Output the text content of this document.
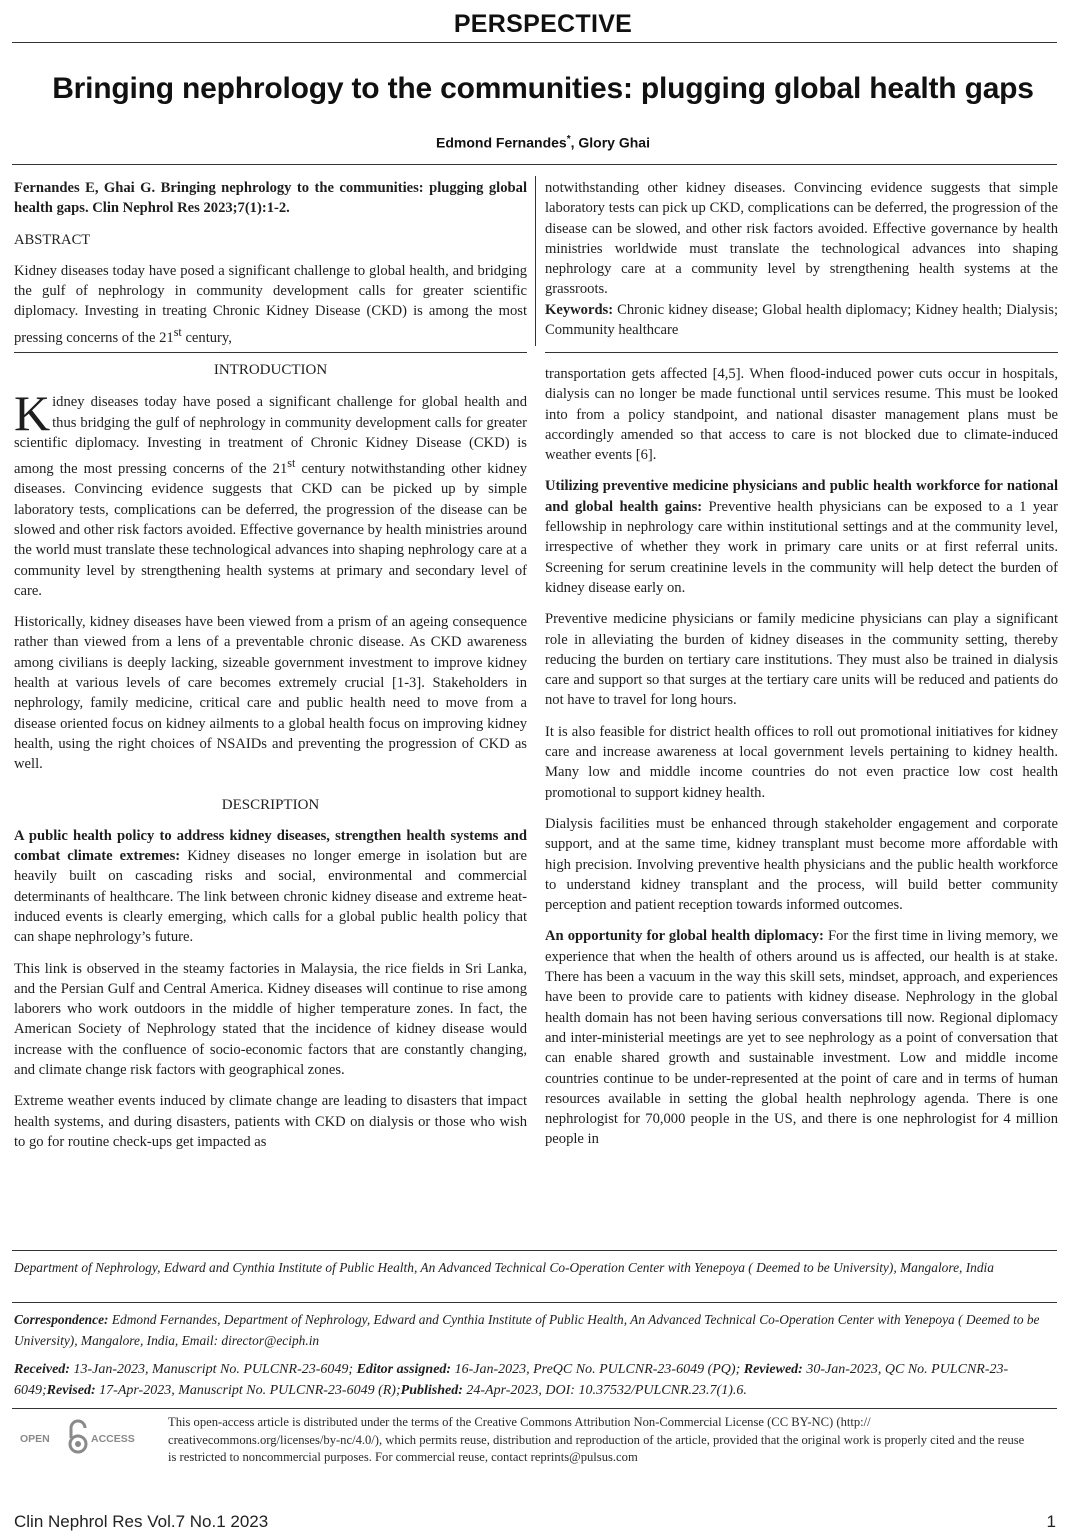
PERSPECTIVE
Bringing nephrology to the communities: plugging global health gaps
Edmond Fernandes*, Glory Ghai

Fernandes E, Ghai G. Bringing nephrology to the communities: plugging global health gaps. Clin Nephrol Res 2023;7(1):1-2.

ABSTRACT

Kidney diseases today have posed a significant challenge to global health, and bridging the gulf of nephrology in community development calls for greater scientific diplomacy. Investing in treating Chronic Kidney Disease (CKD) is among the most pressing concerns of the 21st century,

notwithstanding other kidney diseases. Convincing evidence suggests that simple laboratory tests can pick up CKD, complications can be deferred, the progression of the disease can be slowed, and other risk factors avoided. Effective governance by health ministries worldwide must translate the technological advances into shaping nephrology care at a community level by strengthening health systems at the grassroots.

Keywords: Chronic kidney disease; Global health diplomacy; Kidney health; Dialysis; Community healthcare

INTRODUCTION

Kidney diseases today have posed a significant challenge for global health and thus bridging the gulf of nephrology in community development calls for greater scientific diplomacy. Investing in treatment of Chronic Kidney Disease (CKD) is among the most pressing concerns of the 21st century notwithstanding other kidney diseases. Convincing evidence suggests that CKD can be picked up by simple laboratory tests, complications can be deferred, the progression of the disease can be slowed and other risk factors avoided. Effective governance by health ministries around the world must translate these technological advances into shaping nephrology care at a community level by strengthening health systems at primary and secondary level of care.

Historically, kidney diseases have been viewed from a prism of an ageing consequence rather than viewed from a lens of a preventable chronic disease. As CKD awareness among civilians is deeply lacking, sizeable government investment to improve kidney health at various levels of care becomes extremely crucial [1-3]. Stakeholders in nephrology, family medicine, critical care and public health need to move from a disease oriented focus on kidney ailments to a global health focus on improving kidney health, using the right choices of NSAIDs and preventing the progression of CKD as well.

DESCRIPTION

A public health policy to address kidney diseases, strengthen health systems and combat climate extremes: Kidney diseases no longer emerge in isolation but are heavily built on cascading risks and social, environmental and commercial determinants of healthcare. The link between chronic kidney disease and extreme heat-induced events is clearly emerging, which calls for a global public health policy that can shape nephrology’s future.

This link is observed in the steamy factories in Malaysia, the rice fields in Sri Lanka, and the Persian Gulf and Central America. Kidney diseases will continue to rise among laborers who work outdoors in the middle of higher temperature zones. In fact, the American Society of Nephrology stated that the incidence of kidney disease would increase with the confluence of socio-economic factors that are constantly changing, and climate change risk factors with geographical zones.

Extreme weather events induced by climate change are leading to disasters that impact health systems, and during disasters, patients with CKD on dialysis or those who wish to go for routine check-ups get impacted as

transportation gets affected [4,5]. When flood-induced power cuts occur in hospitals, dialysis can no longer be made functional until services resume. This must be looked into from a policy standpoint, and national disaster management plans must be accordingly amended so that access to care is not blocked due to climate-induced weather events [6].

Utilizing preventive medicine physicians and public health workforce for national and global health gains: Preventive health physicians can be exposed to a 1 year fellowship in nephrology care within institutional settings and at the community level, irrespective of whether they work in primary care units or at first referral units. Screening for serum creatinine levels in the community will help detect the burden of kidney disease early on.

Preventive medicine physicians or family medicine physicians can play a significant role in alleviating the burden of kidney diseases in the community setting, thereby reducing the burden on tertiary care institutions. They must also be trained in dialysis care and support so that surges at the tertiary care units will be reduced and patients do not have to travel for long hours.

It is also feasible for district health offices to roll out promotional initiatives for kidney care and increase awareness at local government levels pertaining to kidney health. Many low and middle income countries do not even practice low cost health promotional to support kidney health.

Dialysis facilities must be enhanced through stakeholder engagement and corporate support, and at the same time, kidney transplant must become more affordable with high precision. Involving preventive health physicians and the public health workforce to understand kidney transplant and the process, will build better community perception and patient reception towards informed outcomes.

An opportunity for global health diplomacy: For the first time in living memory, we experience that when the health of others around us is affected, our health is at stake. There has been a vacuum in the way this skill sets, mindset, approach, and experiences have been to provide care to patients with kidney disease. Nephrology in the global health domain has not been having serious conversations till now. Regional diplomacy and inter-ministerial meetings are yet to see nephrology as a point of conversation that can enable shared growth and sustainable investment. Low and middle income countries continue to be under-represented at the point of care and in terms of human resources available in setting the global health nephrology agenda. There is one nephrologist for 70,000 people in the US, and there is one nephrologist for 4 million people in

Department of Nephrology, Edward and Cynthia Institute of Public Health, An Advanced Technical Co-Operation Center with Yenepoya ( Deemed to be University), Mangalore, India
Correspondence: Edmond Fernandes, Department of Nephrology, Edward and Cynthia Institute of Public Health, An Advanced Technical Co-Operation Center with Yenepoya ( Deemed to be University), Mangalore, India, Email: director@eciph.in
Received: 13-Jan-2023, Manuscript No. PULCNR-23-6049; Editor assigned: 16-Jan-2023, PreQC No. PULCNR-23-6049 (PQ); Reviewed: 30-Jan-2023, QC No. PULCNR-23-6049;Revised: 17-Apr-2023, Manuscript No. PULCNR-23-6049 (R);Published: 24-Apr-2023, DOI: 10.37532/PULCNR.23.7(1).6.
OPEN	ACCESS

This open-access article is distributed under the terms of the Creative Commons Attribution Non-Commercial License (CC BY-NC) (http:// creativecommons.org/licenses/by-nc/4.0/), which permits reuse, distribution and reproduction of the article, provided that the original work is properly cited and the reuse is restricted to noncommercial purposes. For commercial reuse, contact reprints@pulsus.com

Clin Nephrol Res Vol.7 No.1 2023	1
